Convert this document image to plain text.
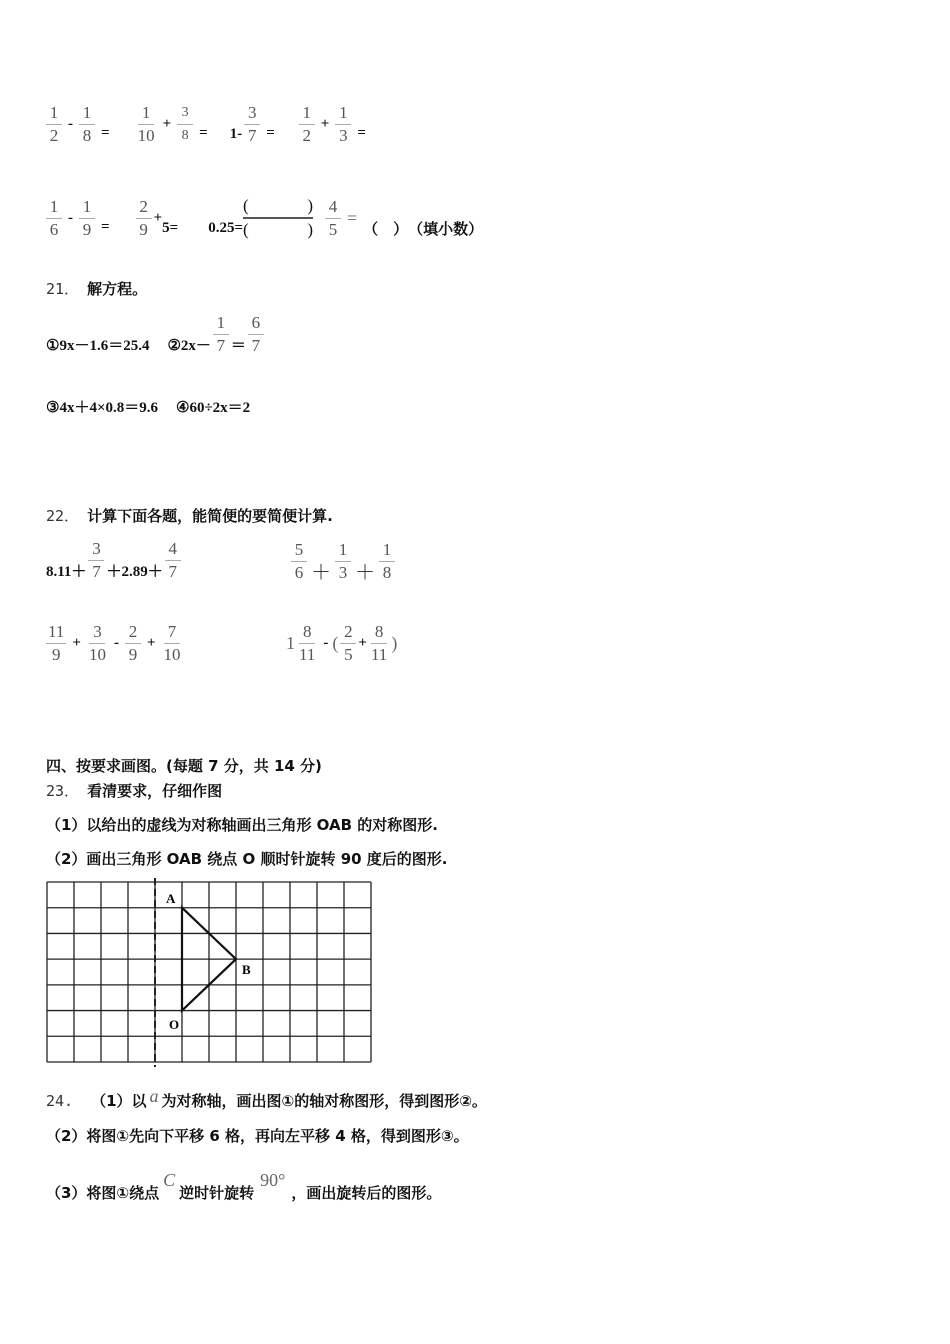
$\frac{1}{2} - \frac{1}{8} = \frac{1}{10} + \frac{3}{8} = 1- \frac{3}{7} = \frac{1}{2} + \frac{1}{3}$ =
$\frac{1}{6} - \frac{1}{9} = \frac{2}{9}$ +
5= 0.25=
(	)
(	) $\frac{4}{5}$ =
（　） （填小数）
21． 解方程。
①9x－1.6＝25.4 ②2x－ $\frac{1}{7} = \frac{6}{7}$
③4x＋4×0.8＝9.6 ④60÷2x＝2
22． 计算下面各题，能简便的要简便计算.
$8.11+ \frac{3}{7} +2.89+ \frac{4}{7}$	$\frac{5}{6} + \frac{1}{3} + \frac{1}{8}$
$\frac{11}{9} + \frac{3}{10} - \frac{2}{9} + \frac{7}{10}$	$1 \frac{8}{11}$ - ( $\frac{2}{5} + \frac{8}{11}$ )
四、按要求画图。(每题 7 分，共 14 分)
23． 看清要求，仔细作图
（1）以给出的虚线为对称轴画出三角形 OAB 的对称图形.
（2）画出三角形 OAB 绕点 O 顺时针旋转 90 度后的图形.
A
B
O
24. （1）以 a 为对称轴，画出图①的轴对称图形，得到图形②。
（2）将图①先向下平移 6 格，再向左平移 4 格，得到图形③。
（3）将图①绕点
C
逆时针旋转
90°
，画出旋转后的图形。
